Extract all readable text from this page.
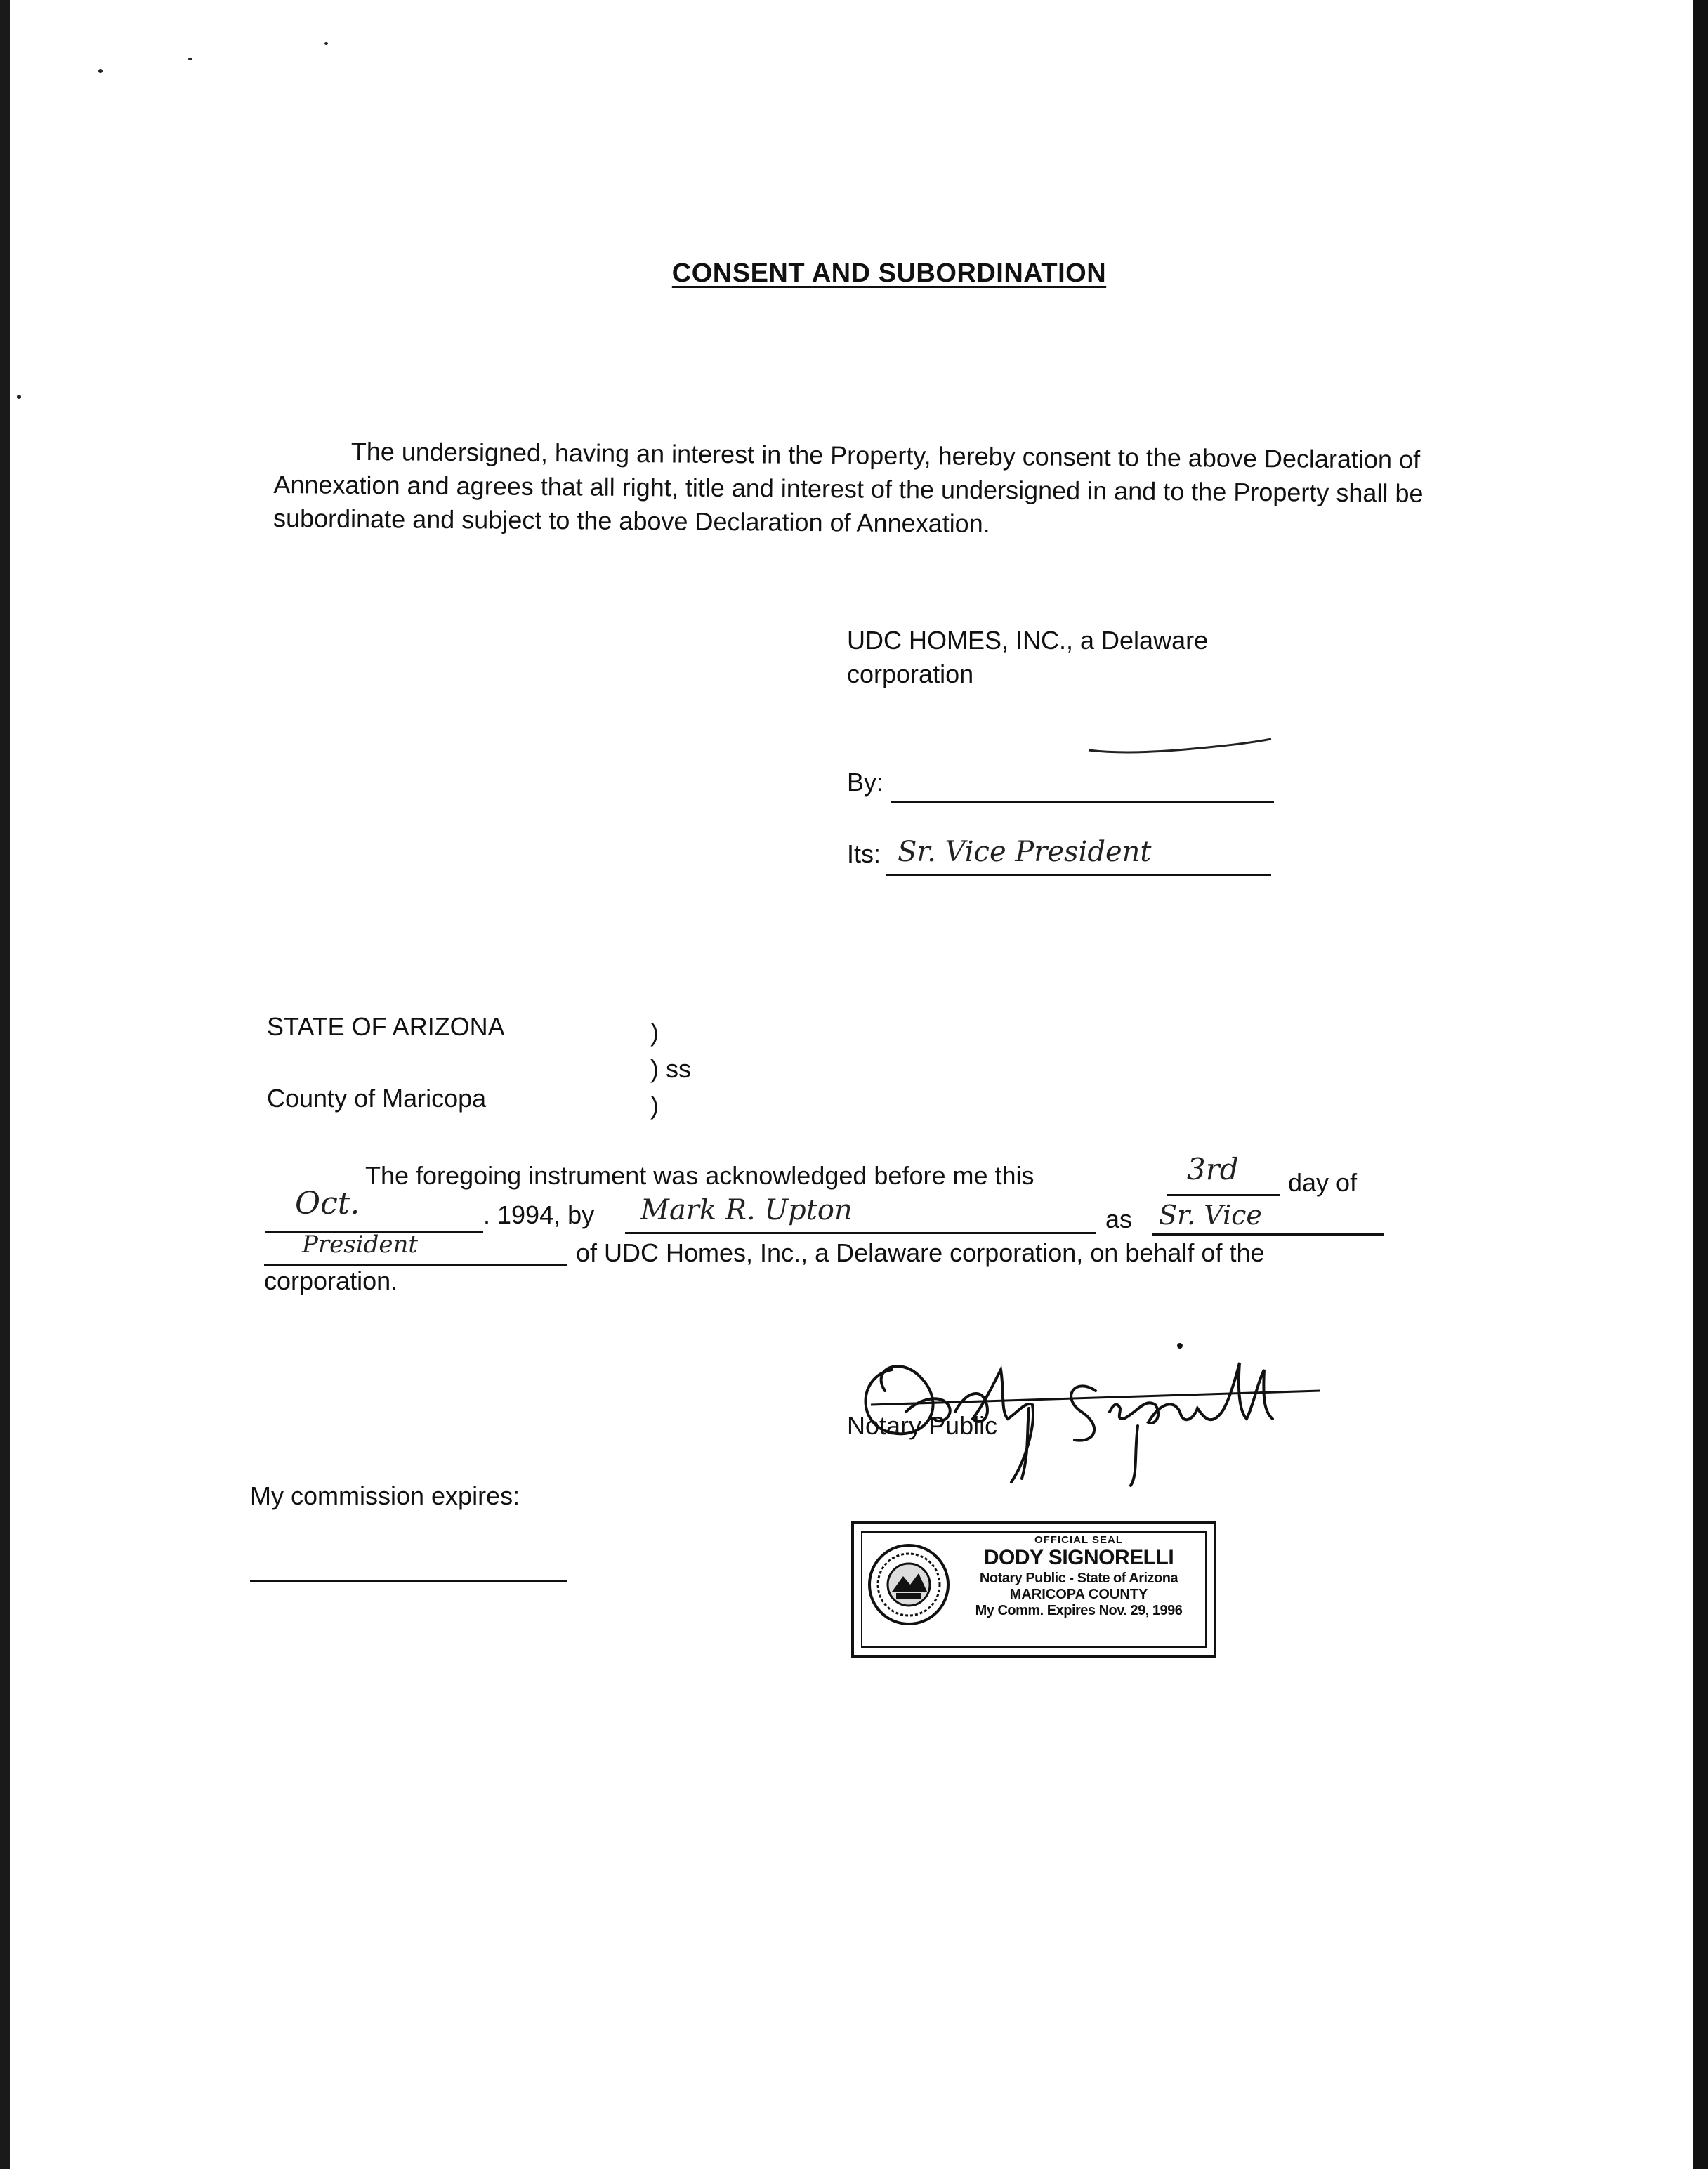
CONSENT AND SUBORDINATION
The undersigned, having an interest in the Property, hereby consent to the above Declaration of Annexation and agrees that all right, title and interest of the undersigned in and to the Property shall be subordinate and subject to the above Declaration of Annexation.
UDC HOMES, INC., a Delaware
corporation
By:
Its: Sr. Vice President
STATE OF ARIZONA	)
) ss
County of Maricopa	)
The foregoing instrument was acknowledged before me this	3rd day of
Oct.	. 1994, by Mark R. Upton	as Sr. Vice
President	of UDC Homes, Inc., a Delaware corporation, on behalf of the
corporation.
Notary Public
My commission expires:
OFFICIAL SEAL
DODY SIGNORELLI
Notary Public - State of Arizona
MARICOPA COUNTY
My Comm. Expires Nov. 29, 1996
